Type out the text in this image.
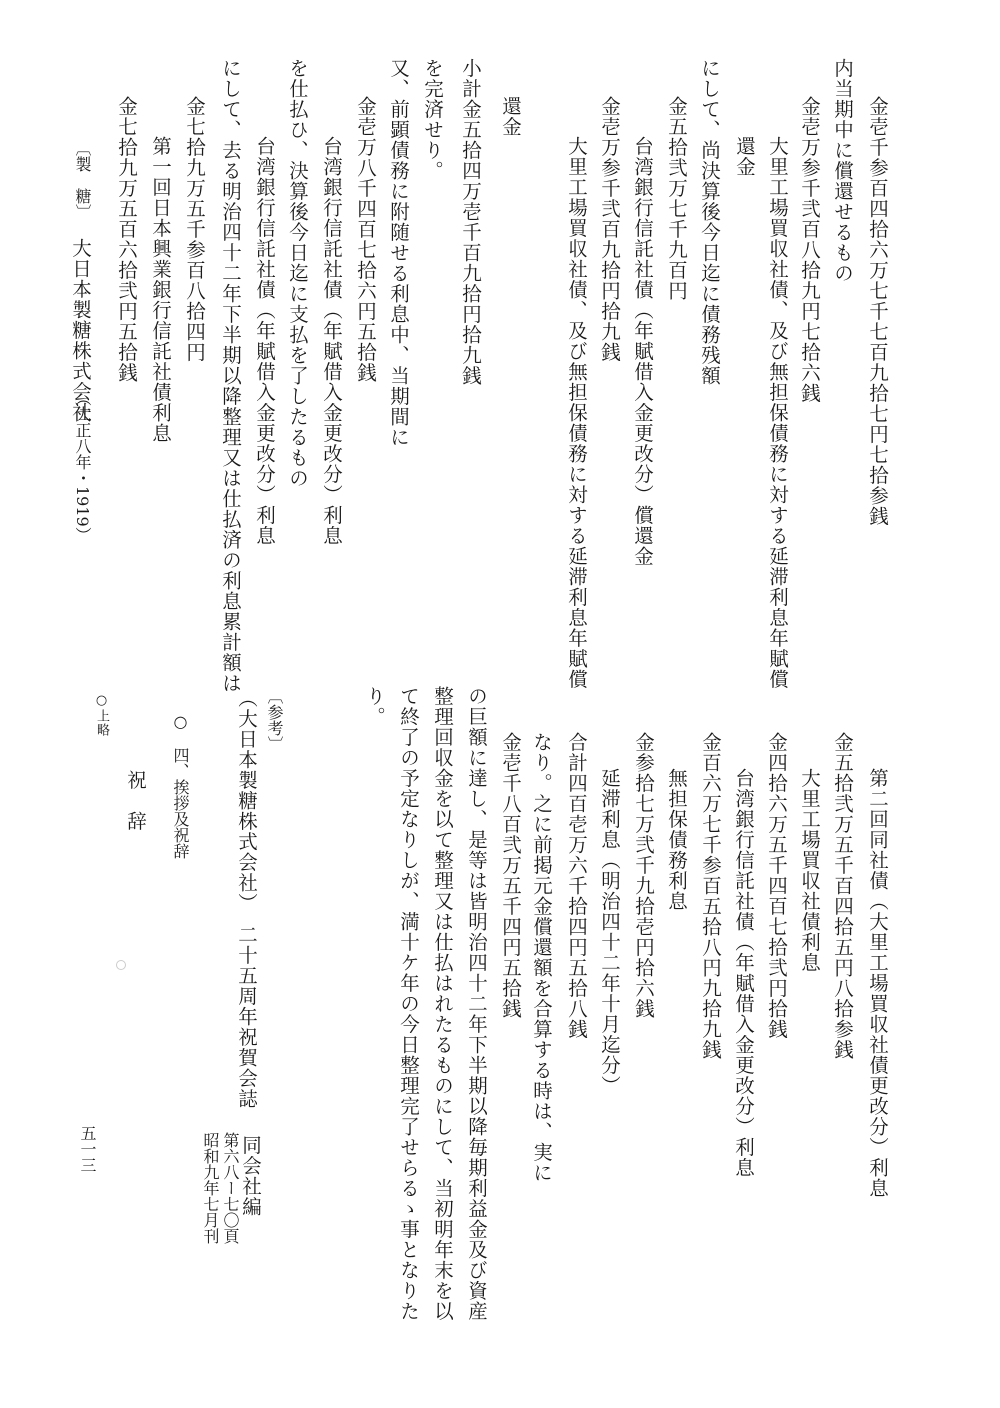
金壱千参百四拾六万七千七百九拾七円七拾参銭
内当期中に償還せるもの
金壱万参千弐百八拾九円七拾六銭
大里工場買収社債、及び無担保債務に対する延滞利息年賦償
還金
にして、尚決算後今日迄に債務残額
金五拾弐万七千九百円
台湾銀行信託社債（年賦借入金更改分）償還金
金壱万参千弐百九拾円拾九銭
大里工場買収社債、及び無担保債務に対する延滞利息年賦償
還金
小計金五拾四万壱千百九拾円拾九銭
を完済せり。
又、前顕債務に附随せる利息中、当期間に
金壱万八千四百七拾六円五拾銭
台湾銀行信託社債（年賦借入金更改分）利息
を仕払ひ、決算後今日迄に支払を了したるもの
台湾銀行信託社債（年賦借入金更改分）利息
にして、去る明治四十二年下半期以降整理又は仕払済の利息累計額は
金七拾九万五千参百八拾四円
第一回日本興業銀行信託社債利息
金七拾九万五百六拾弐円五拾銭
〔製　糖〕
大日本製糖株式会社
（大正八年・1919）
第二回同社債（大里工場買収社債更改分）利息
金五拾弐万五千百四拾五円八拾参銭
大里工場買収社債利息
金四拾六万五千四百七拾弐円拾銭
台湾銀行信託社債（年賦借入金更改分）利息
金百六万七千参百五拾八円九拾九銭
無担保債務利息
金参拾七万弐千九拾壱円拾六銭
延滞利息（明治四十二年十月迄分）
合計四百壱万六千拾四円五拾八銭
なり。之に前掲元金償還額を合算する時は、実に
金壱千八百弐万五千四円五拾銭
の巨額に達し、是等は皆明治四十二年下半期以降毎期利益金及び資産
整理回収金を以て整理又は仕払はれたるものにして、当初明年末を以
て終了の予定なりしが、満十ケ年の今日整理完了せらるゝ事となりた
り。
〔参考〕
（大日本製糖株式会社）　二十五周年祝賀会誌
同会社編
第六八ー七〇頁
昭和九年七月刊
○　四、挨拶及祝辞
祝　辞
○上略
五一三
